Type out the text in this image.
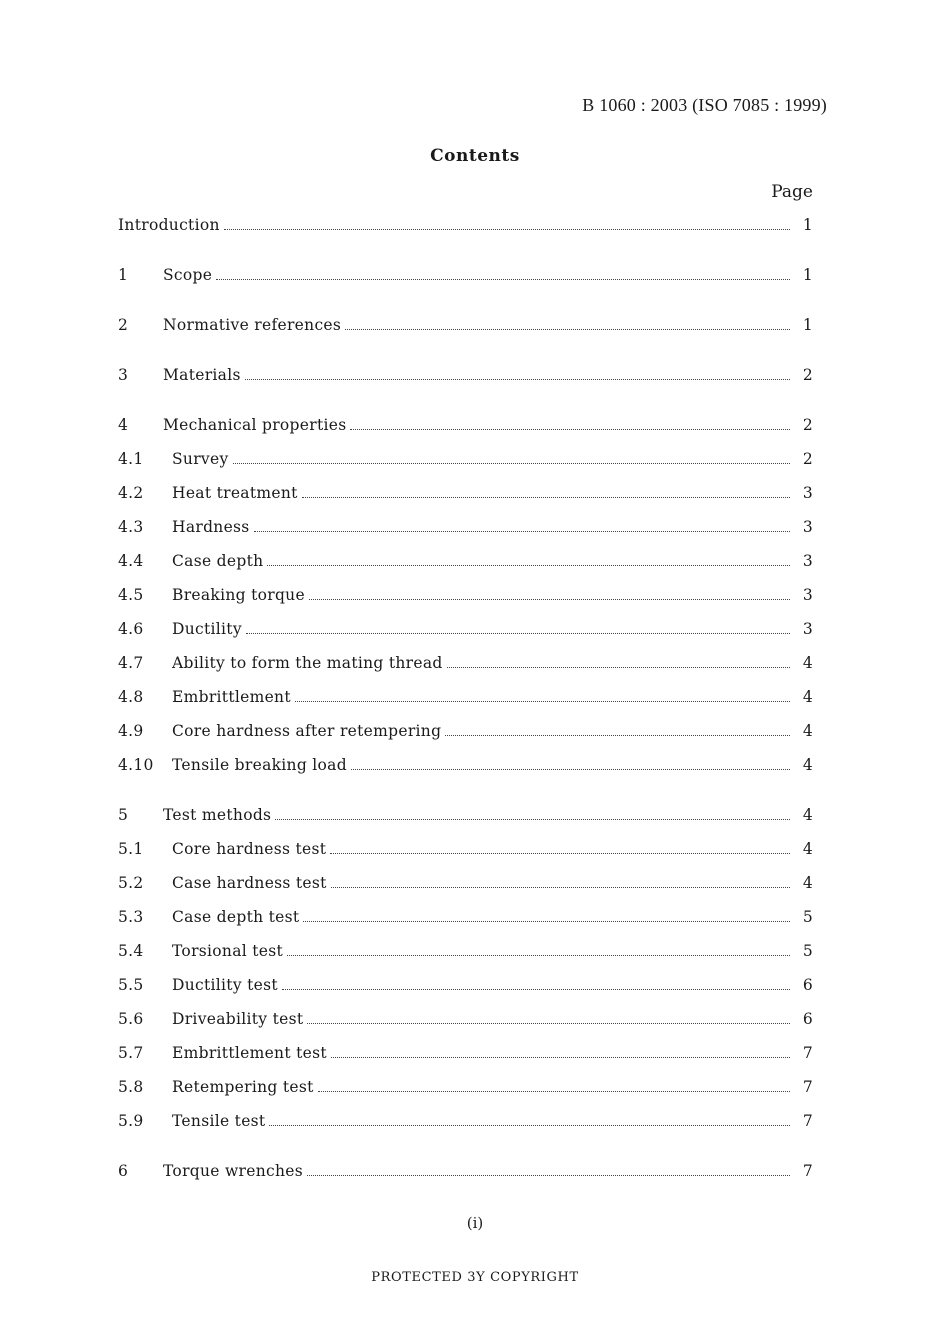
B 1060 : 2003 (ISO 7085 : 1999)
Contents
Page
Introduction	1
1	Scope	1
2	Normative references	1
3	Materials	2
4	Mechanical properties	2
4.1	Survey	2
4.2	Heat treatment	3
4.3	Hardness	3
4.4	Case depth	3
4.5	Breaking torque	3
4.6	Ductility	3
4.7	Ability to form the mating thread	4
4.8	Embrittlement	4
4.9	Core hardness after retempering	4
4.10	Tensile breaking load	4
5	Test methods	4
5.1	Core hardness test	4
5.2	Case hardness test	4
5.3	Case depth test	5
5.4	Torsional test	5
5.5	Ductility test	6
5.6	Driveability test	6
5.7	Embrittlement test	7
5.8	Retempering test	7
5.9	Tensile test	7
6	Torque wrenches	7
(i)
PROTECTED 3Y COPYRIGHT
